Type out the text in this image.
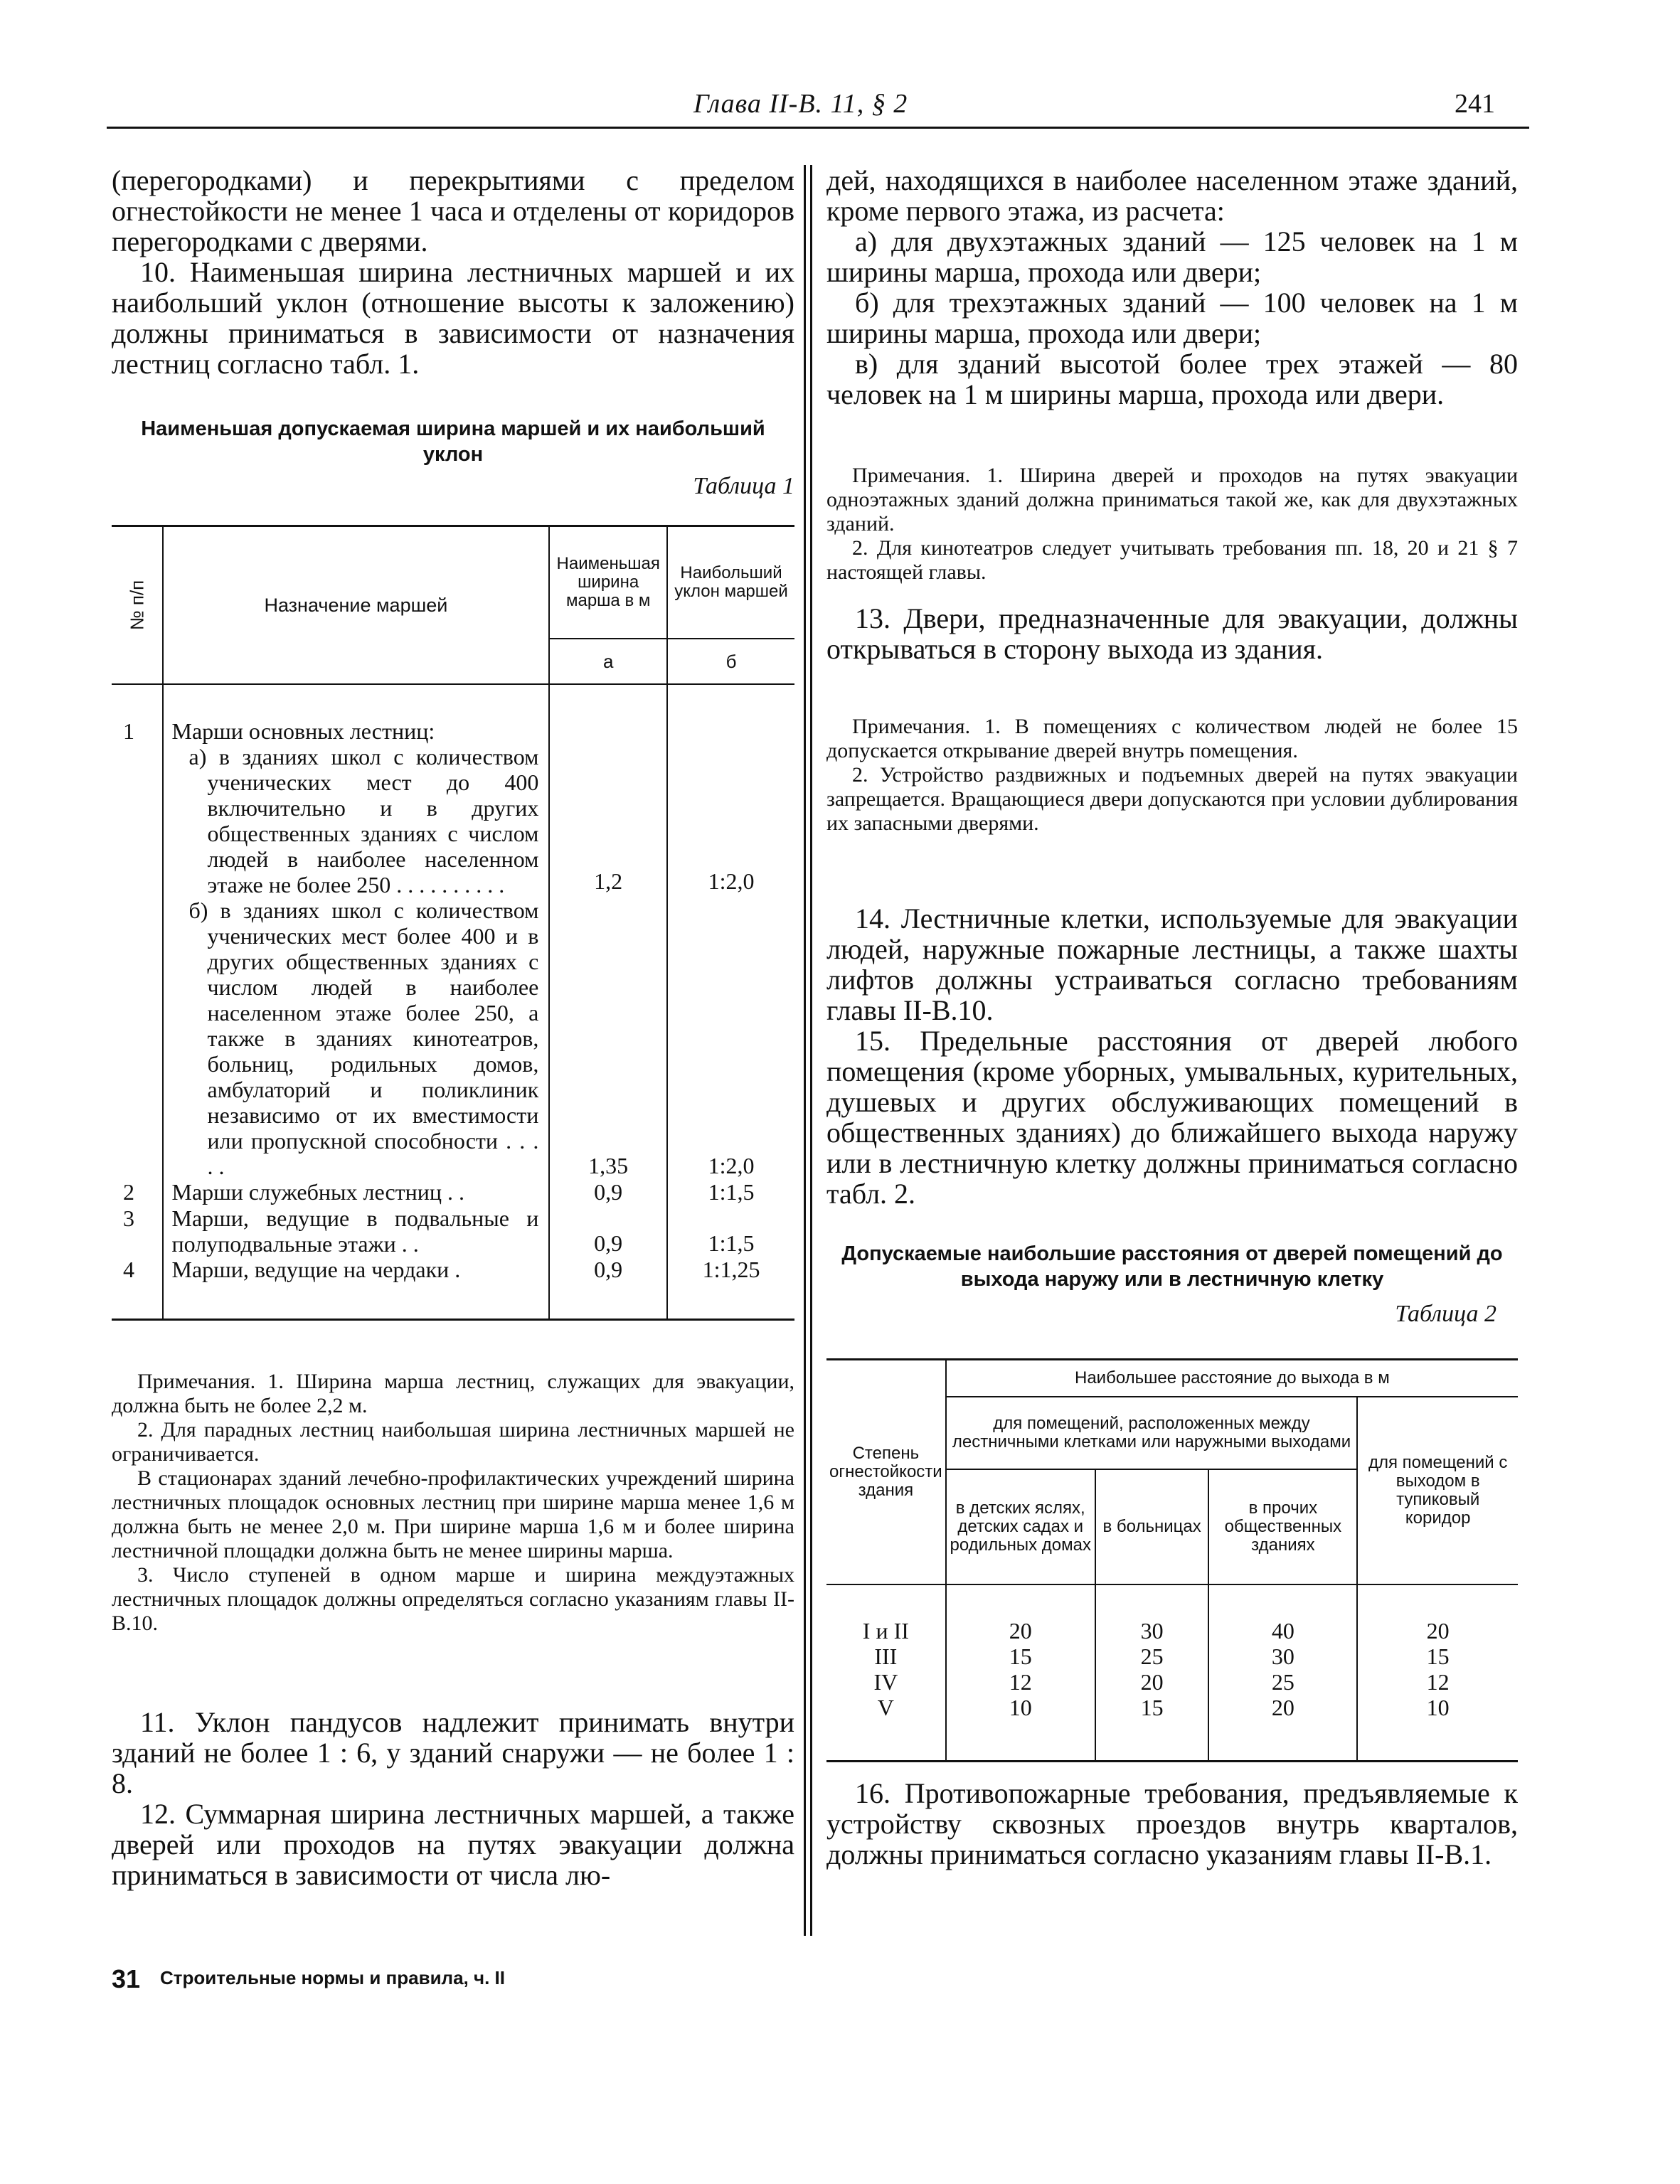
Глава II-В. 11, § 2	241

(перегородками) и перекрытиями с пределом огнестойкости не менее 1 часа и отделены от коридоров перегородками с дверями.

10. Наименьшая ширина лестничных маршей и их наибольший уклон (отношение высоты к заложению) должны приниматься в зависимости от назначения лестниц согласно табл. 1.

Наименьшая допускаемая ширина маршей и их наибольший уклон

Таблица 1
№ п/п	Назначение маршей	Наименьшая ширина марша в м	Наибольший уклон маршей
		а	б

1	Марши основных лестниц:		
	а) в зданиях школ с количеством ученических мест до 400 включительно и в других общественных зданиях с числом людей в наиболее населенном этаже не более 250 . . . . . . . . . .	1,2	1:2,0
	б) в зданиях школ с количеством ученических мест более 400 и в других общественных зданиях с числом людей в наиболее населенном этаже более 250, а также в зданиях кинотеатров, больниц, родильных домов, амбулаторий и поликлиник независимо от их вместимости или пропускной способности . . . . .	1,35	1:2,0
2	Марши служебных лестниц . .	0,9	1:1,5
3	Марши, ведущие в подвальные и полуподвальные этажи . .	0,9	1:1,5
4	Марши, ведущие на чердаки .	0,9	1:1,25

Примечания. 1. Ширина марша лестниц, служащих для эвакуации, должна быть не более 2,2 м.

2. Для парадных лестниц наибольшая ширина лестничных маршей не ограничивается.

В стационарах зданий лечебно-профилактических учреждений ширина лестничных площадок основных лестниц при ширине марша менее 1,6 м должна быть не менее 2,0 м. При ширине марша 1,6 м и более ширина лестничной площадки должна быть не менее ширины марша.

3. Число ступеней в одном марше и ширина междуэтажных лестничных площадок должны определяться согласно указаниям главы II-В.10.

11. Уклон пандусов надлежит принимать внутри зданий не более 1 : 6, у зданий снаружи — не более 1 : 8.

12. Суммарная ширина лестничных маршей, а также дверей или проходов на путях эвакуации должна приниматься в зависимости от числа лю-

дей, находящихся в наиболее населенном этаже зданий, кроме первого этажа, из расчета:

а) для двухэтажных зданий — 125 человек на 1 м ширины марша, прохода или двери;

б) для трехэтажных зданий — 100 человек на 1 м ширины марша, прохода или двери;

в) для зданий высотой более трех этажей — 80 человек на 1 м ширины марша, прохода или двери.

Примечания. 1. Ширина дверей и проходов на путях эвакуации одноэтажных зданий должна приниматься такой же, как для двухэтажных зданий.

2. Для кинотеатров следует учитывать требования пп. 18, 20 и 21 § 7 настоящей главы.

13. Двери, предназначенные для эвакуации, должны открываться в сторону выхода из здания.

Примечания. 1. В помещениях с количеством людей не более 15 допускается открывание дверей внутрь помещения.

2. Устройство раздвижных и подъемных дверей на путях эвакуации запрещается. Вращающиеся двери допускаются при условии дублирования их запасными дверями.

14. Лестничные клетки, используемые для эвакуации людей, наружные пожарные лестницы, а также шахты лифтов должны устраиваться согласно требованиям главы II-В.10.

15. Предельные расстояния от дверей любого помещения (кроме уборных, умывальных, курительных, душевых и других обслуживающих помещений в общественных зданиях) до ближайшего выхода наружу или в лестничную клетку должны приниматься согласно табл. 2.

Допускаемые наибольшие расстояния от дверей помещений до выхода наружу или в лестничную клетку

Таблица 2
Степень огнестойкости здания	Наибольшее расстояние до выхода в м			
	для помещений, расположенных между лестничными клетками или наружными выходами			для помещений с выходом в тупиковый коридор
	в детских яслях, детских садах и родильных домах	в больницах	в прочих общественных зданиях	

I и II	20	30	40	20
III	15	25	30	15
IV	12	20	25	12
V	10	15	20	10

16. Противопожарные требования, предъявляемые к устройству сквозных проездов внутрь кварталов, должны приниматься согласно указаниям главы II-В.1.

31 Строительные нормы и правила, ч. II
